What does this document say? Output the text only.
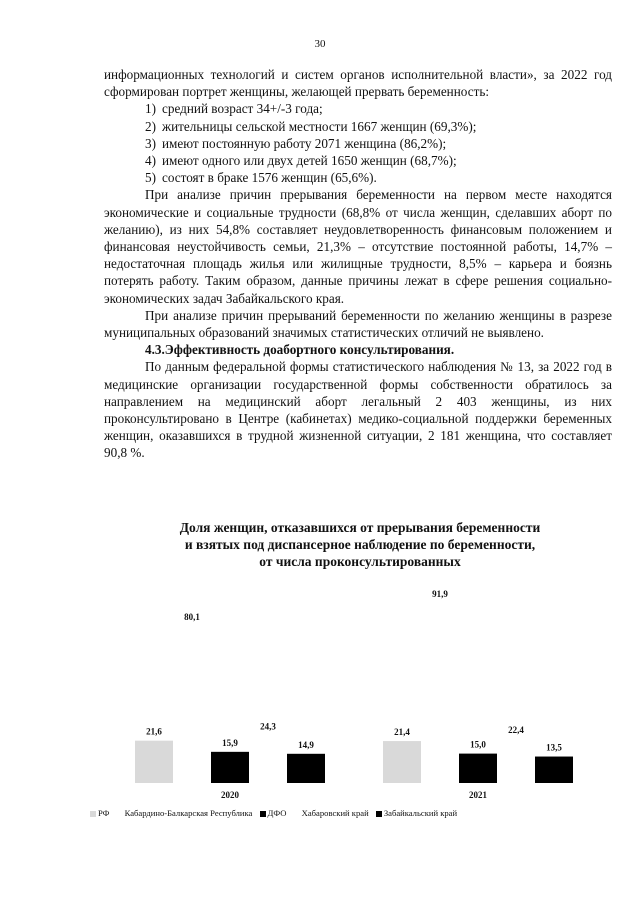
30

информационных технологий и систем органов исполнительной власти», за 2022 год сформирован портрет женщины, желающей прервать беременность:

1) средний возраст 34+/-3 года;
2) жительницы сельской местности 1667 женщин (69,3%);
3) имеют постоянную работу 2071 женщина (86,2%);
4) имеют одного или двух детей 1650 женщин (68,7%);
5) состоят в браке 1576 женщин (65,6%).

При анализе причин прерывания беременности на первом месте находятся экономические и социальные трудности (68,8% от числа женщин, сделавших аборт по желанию), из них 54,8% составляет неудовлетворенность финансовым положением и финансовая неустойчивость семьи, 21,3% – отсутствие постоянной работы, 14,7% – недостаточная площадь жилья или жилищные трудности, 8,5% – карьера и боязнь потерять работу. Таким образом, данные причины лежат в сфере решения социально-экономических задач Забайкальского края.

При анализе причин прерываний беременности по желанию женщины в разрезе муниципальных образований значимых статистических отличий не выявлено.

4.3.Эффективность доабортного консультирования.

По данным федеральной формы статистического наблюдения № 13, за 2022 год в медицинские организации государственной формы собственности обратилось за направлением на медицинский аборт легальный 2 403 женщины, из них проконсультировано в Центре (кабинетах) медико-социальной поддержки беременных женщин, оказавшихся в трудной жизненной ситуации, 2 181 женщина, что составляет 90,8 %.

Доля женщин, отказавшихся от прерывания беременности
и взятых под диспансерное наблюдение по беременности,
от числа проконсультированных
21,6
80,1
15,9
24,3
14,9
2020
21,4
91,9
15,0
22,4
13,5
2021
РФ Кабардино-Балкарская Республика ДФО Хабаровский край Забайкальский край
